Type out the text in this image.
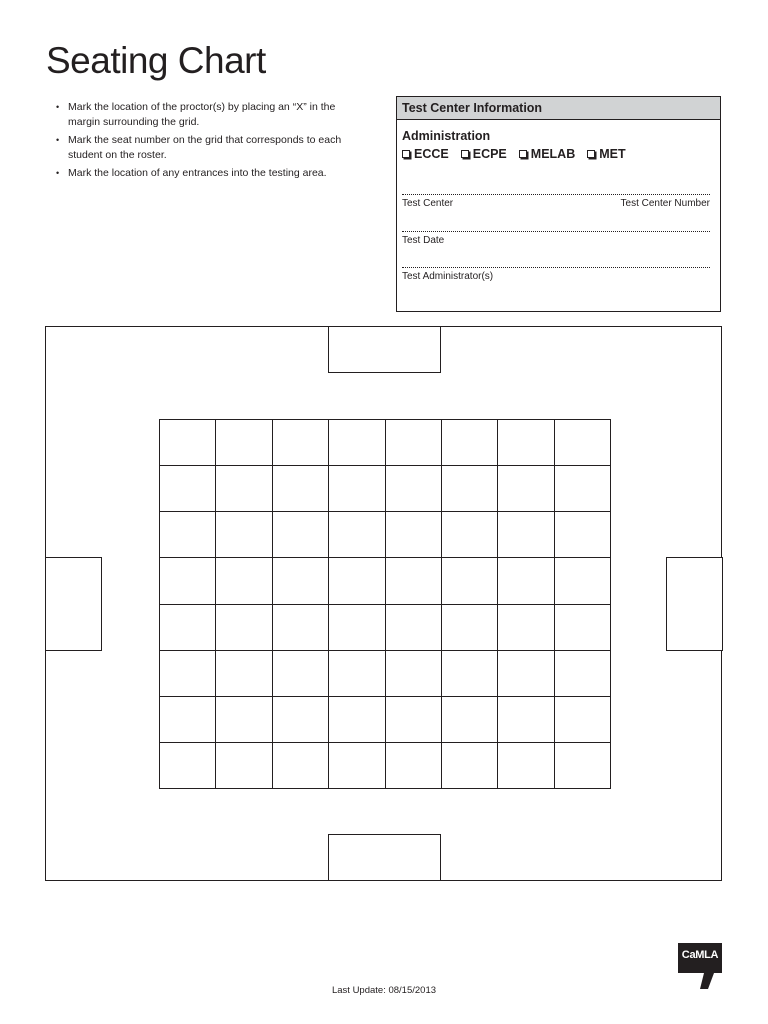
Seating Chart
• Mark the location of the proctor(s) by placing an “X” in the margin surrounding the grid.
• Mark the seat number on the grid that corresponds to each student on the roster.
• Mark the location of any entrances into the testing area.
Test Center Information
Administration
ECCE ECPE MELAB MET
Test Center	Test Center Number
Test Date
Test Administrator(s)
Last Update: 08/15/2013
CaMLA
